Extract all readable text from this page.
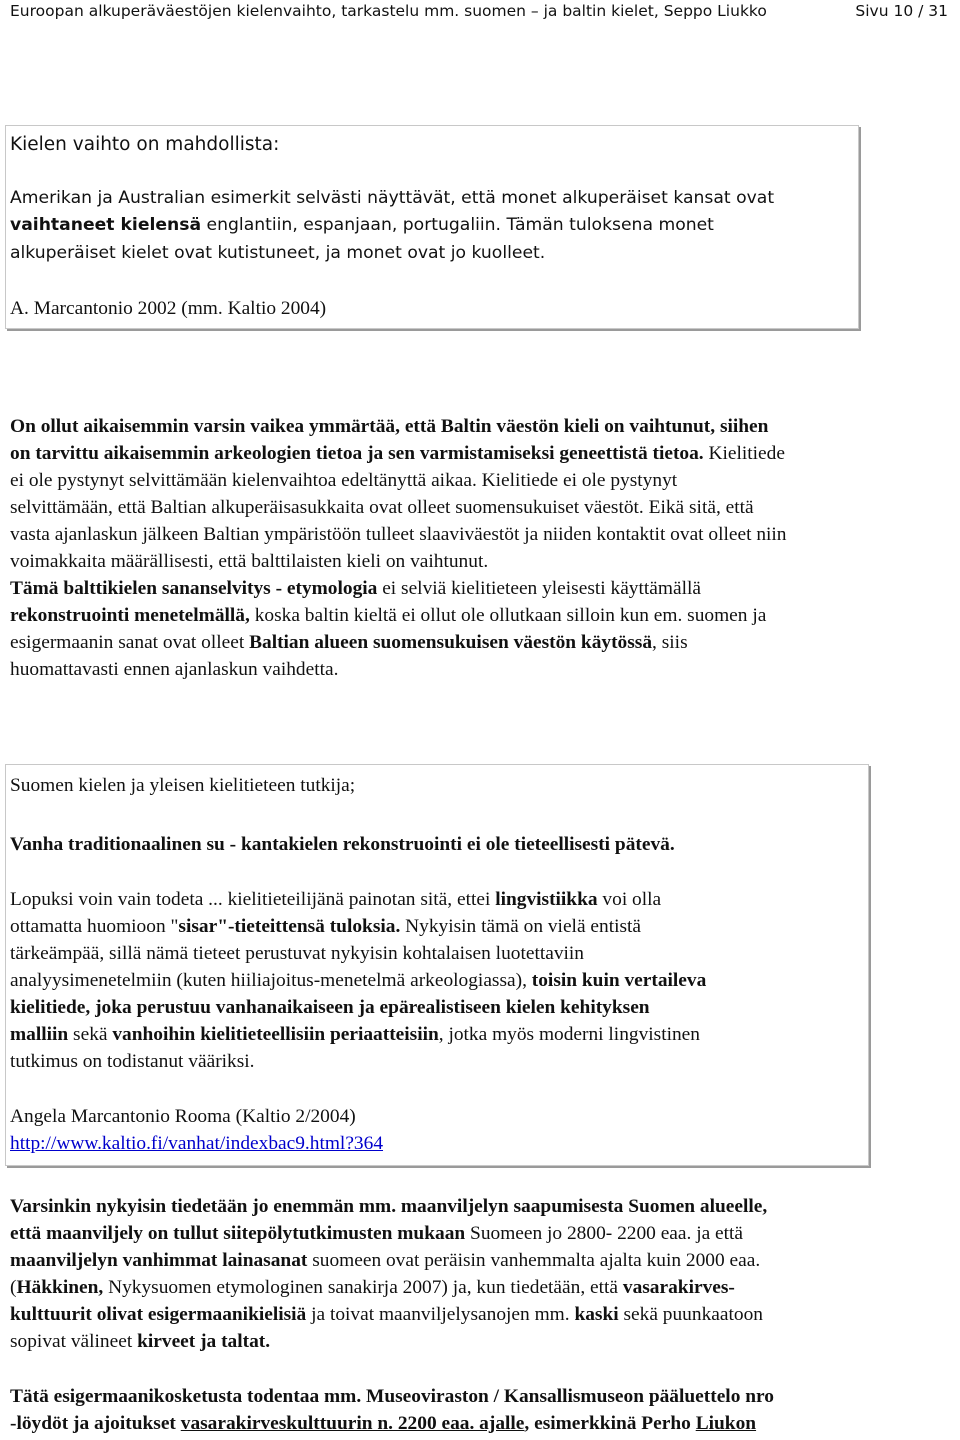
Euroopan alkuperäväestöjen kielenvaihto, tarkastelu mm. suomen – ja baltin kielet, Seppo Liukko	Sivu 10 / 31
Kielen vaihto on mahdollista:
Amerikan ja Australian esimerkit selvästi näyttävät, että monet alkuperäiset kansat ovat
vaihtaneet kielensä englantiin, espanjaan, portugaliin. Tämän tuloksena monet
alkuperäiset kielet ovat kutistuneet, ja monet ovat jo kuolleet.
A. Marcantonio 2002 (mm. Kaltio 2004)
On ollut aikaisemmin varsin vaikea ymmärtää, että Baltin väestön kieli on vaihtunut, siihen
on tarvittu aikaisemmin arkeologien tietoa ja sen varmistamiseksi geneettistä tietoa. Kielitiede
ei ole pystynyt selvittämään kielenvaihtoa edeltänyttä aikaa. Kielitiede ei ole pystynyt
selvittämään, että Baltian alkuperäisasukkaita ovat olleet suomensukuiset väestöt. Eikä sitä, että
vasta ajanlaskun jälkeen Baltian ympäristöön tulleet slaaviväestöt ja niiden kontaktit ovat olleet niin
voimakkaita määrällisesti, että balttilaisten kieli on vaihtunut.
Tämä balttikielen sananselvitys - etymologia ei selviä kielitieteen yleisesti käyttämällä
rekonstruointi menetelmällä, koska baltin kieltä ei ollut ole ollutkaan silloin kun em. suomen ja
esigermaanin sanat ovat olleet Baltian alueen suomensukuisen väestön käytössä, siis
huomattavasti ennen ajanlaskun vaihdetta.
Suomen kielen ja yleisen kielitieteen tutkija;
Vanha traditionaalinen su - kantakielen rekonstruointi ei ole tieteellisesti pätevä.
Lopuksi voin vain todeta ... kielitieteilijänä painotan sitä, ettei lingvistiikka voi olla
ottamatta huomioon "sisar"-tieteittensä tuloksia. Nykyisin tämä on vielä entistä
tärkeämpää, sillä nämä tieteet perustuvat nykyisin kohtalaisen luotettaviin
analyysimenetelmiin (kuten hiiliajoitus-menetelmä arkeologiassa), toisin kuin vertaileva
kielitiede, joka perustuu vanhanaikaiseen ja epärealistiseen kielen kehityksen
malliin sekä vanhoihin kielitieteellisiin periaatteisiin, jotka myös moderni lingvistinen
tutkimus on todistanut vääriksi.
Angela Marcantonio Rooma (Kaltio 2/2004)
http://www.kaltio.fi/vanhat/indexbac9.html?364
Varsinkin nykyisin tiedetään jo enemmän mm. maanviljelyn saapumisesta Suomen alueelle,
että maanviljely on tullut siitepölytutkimusten mukaan Suomeen jo 2800- 2200 eaa. ja että
maanviljelyn vanhimmat lainasanat suomeen ovat peräisin vanhemmalta ajalta kuin 2000 eaa.
(Häkkinen, Nykysuomen etymologinen sanakirja 2007) ja, kun tiedetään, että vasarakirves-
kulttuurit olivat esigermaanikielisiä ja toivat maanviljelysanojen mm. kaski sekä puunkaatoon
sopivat välineet kirveet ja taltat.
Tätä esigermaanikosketusta todentaa mm. Museoviraston / Kansallismuseon pääluettelo nro
-löydöt ja ajoitukset vasarakirveskulttuurin n. 2200 eaa. ajalle, esimerkkinä Perho Liukon
